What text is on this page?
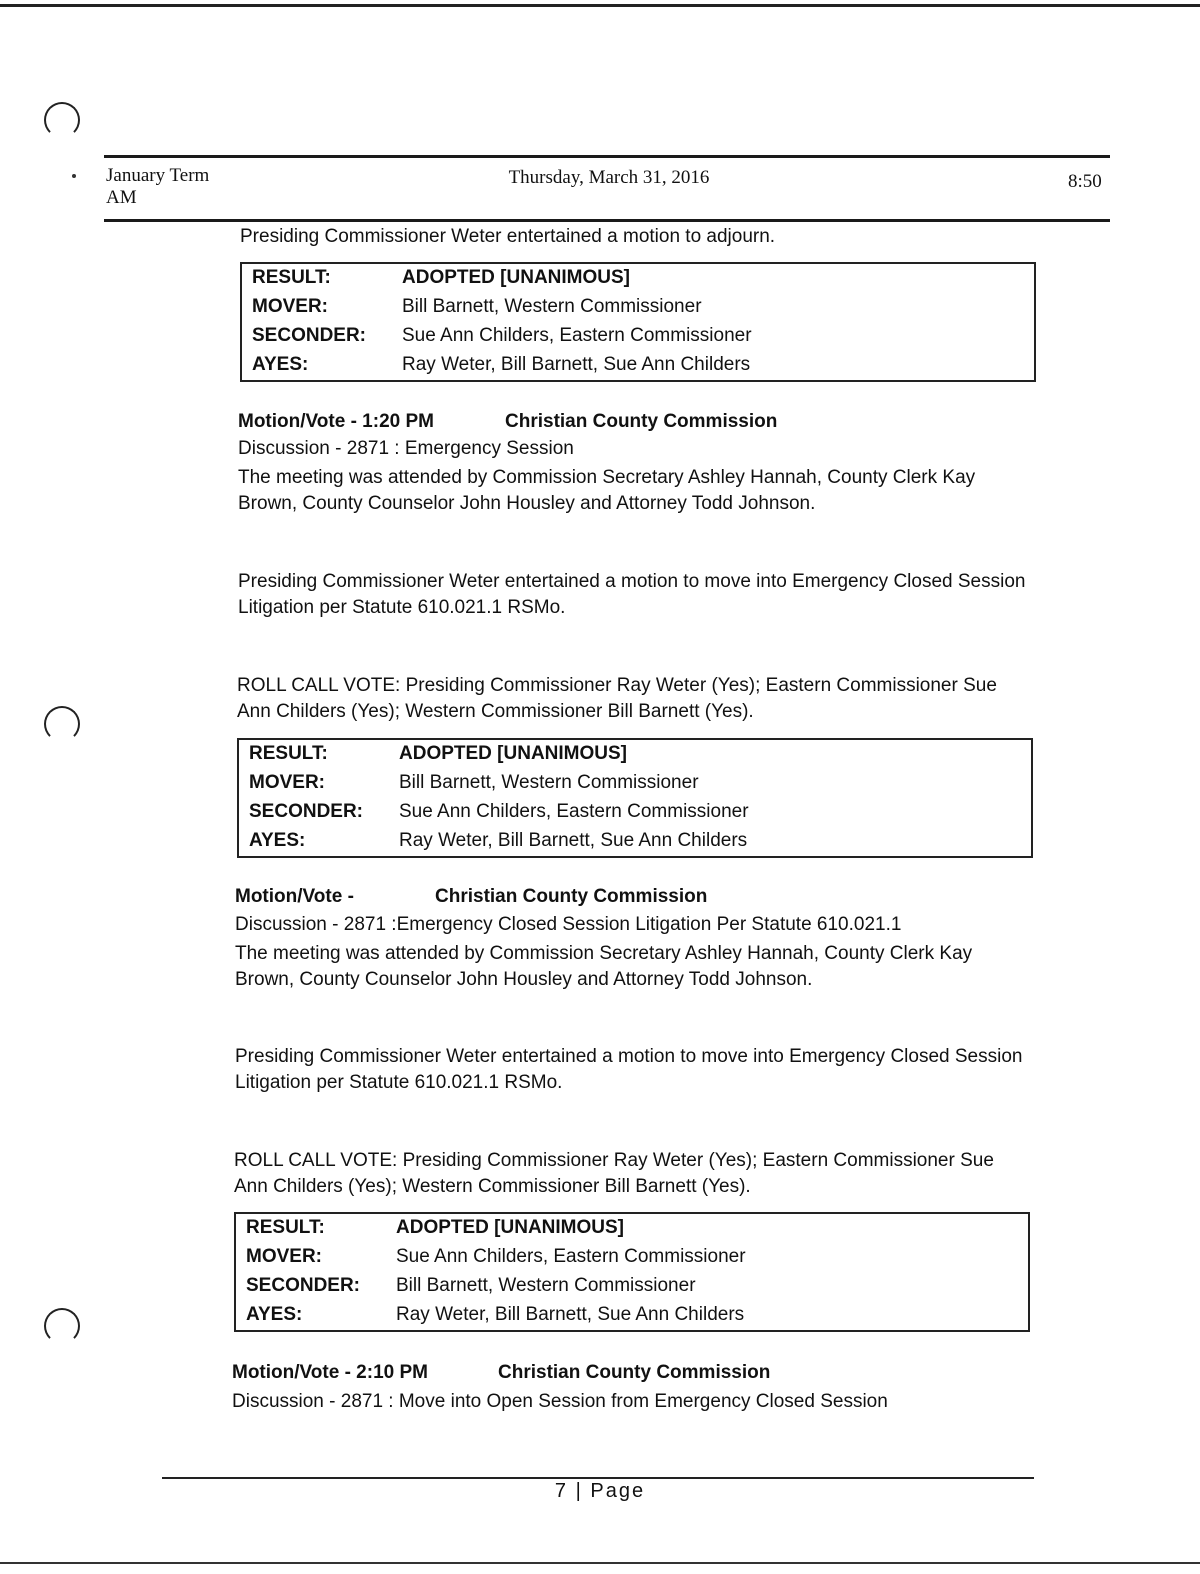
January Term
AM
Thursday, March 31, 2016	8:50

Presiding Commissioner Weter entertained a motion to adjourn.

RESULT:	ADOPTED [UNANIMOUS]
MOVER:	Bill Barnett, Western Commissioner
SECONDER: Sue Ann Childers, Eastern Commissioner
AYES:	Ray Weter, Bill Barnett, Sue Ann Childers
Motion/Vote - 1:20 PM	Christian County Commission

Discussion - 2871 : Emergency Session

The meeting was attended by Commission Secretary Ashley Hannah, County Clerk Kay Brown, County Counselor John Housley and Attorney Todd Johnson.

Presiding Commissioner Weter entertained a motion to move into Emergency Closed Session Litigation per Statute 610.021.1 RSMo.

ROLL CALL VOTE: Presiding Commissioner Ray Weter (Yes); Eastern Commissioner Sue Ann Childers (Yes); Western Commissioner Bill Barnett (Yes).

RESULT:	ADOPTED [UNANIMOUS]
MOVER:	Bill Barnett, Western Commissioner
SECONDER: Sue Ann Childers, Eastern Commissioner
AYES:	Ray Weter, Bill Barnett, Sue Ann Childers
Motion/Vote -	Christian County Commission

Discussion - 2871 :Emergency Closed Session Litigation Per Statute 610.021.1

The meeting was attended by Commission Secretary Ashley Hannah, County Clerk Kay Brown, County Counselor John Housley and Attorney Todd Johnson.

Presiding Commissioner Weter entertained a motion to move into Emergency Closed Session Litigation per Statute 610.021.1 RSMo.

ROLL CALL VOTE: Presiding Commissioner Ray Weter (Yes); Eastern Commissioner Sue Ann Childers (Yes); Western Commissioner Bill Barnett (Yes).

RESULT:	ADOPTED [UNANIMOUS]
MOVER:	Sue Ann Childers, Eastern Commissioner
SECONDER: Bill Barnett, Western Commissioner
AYES:	Ray Weter, Bill Barnett, Sue Ann Childers
Motion/Vote - 2:10 PM	Christian County Commission

Discussion - 2871 : Move into Open Session from Emergency Closed Session

7 | Page
